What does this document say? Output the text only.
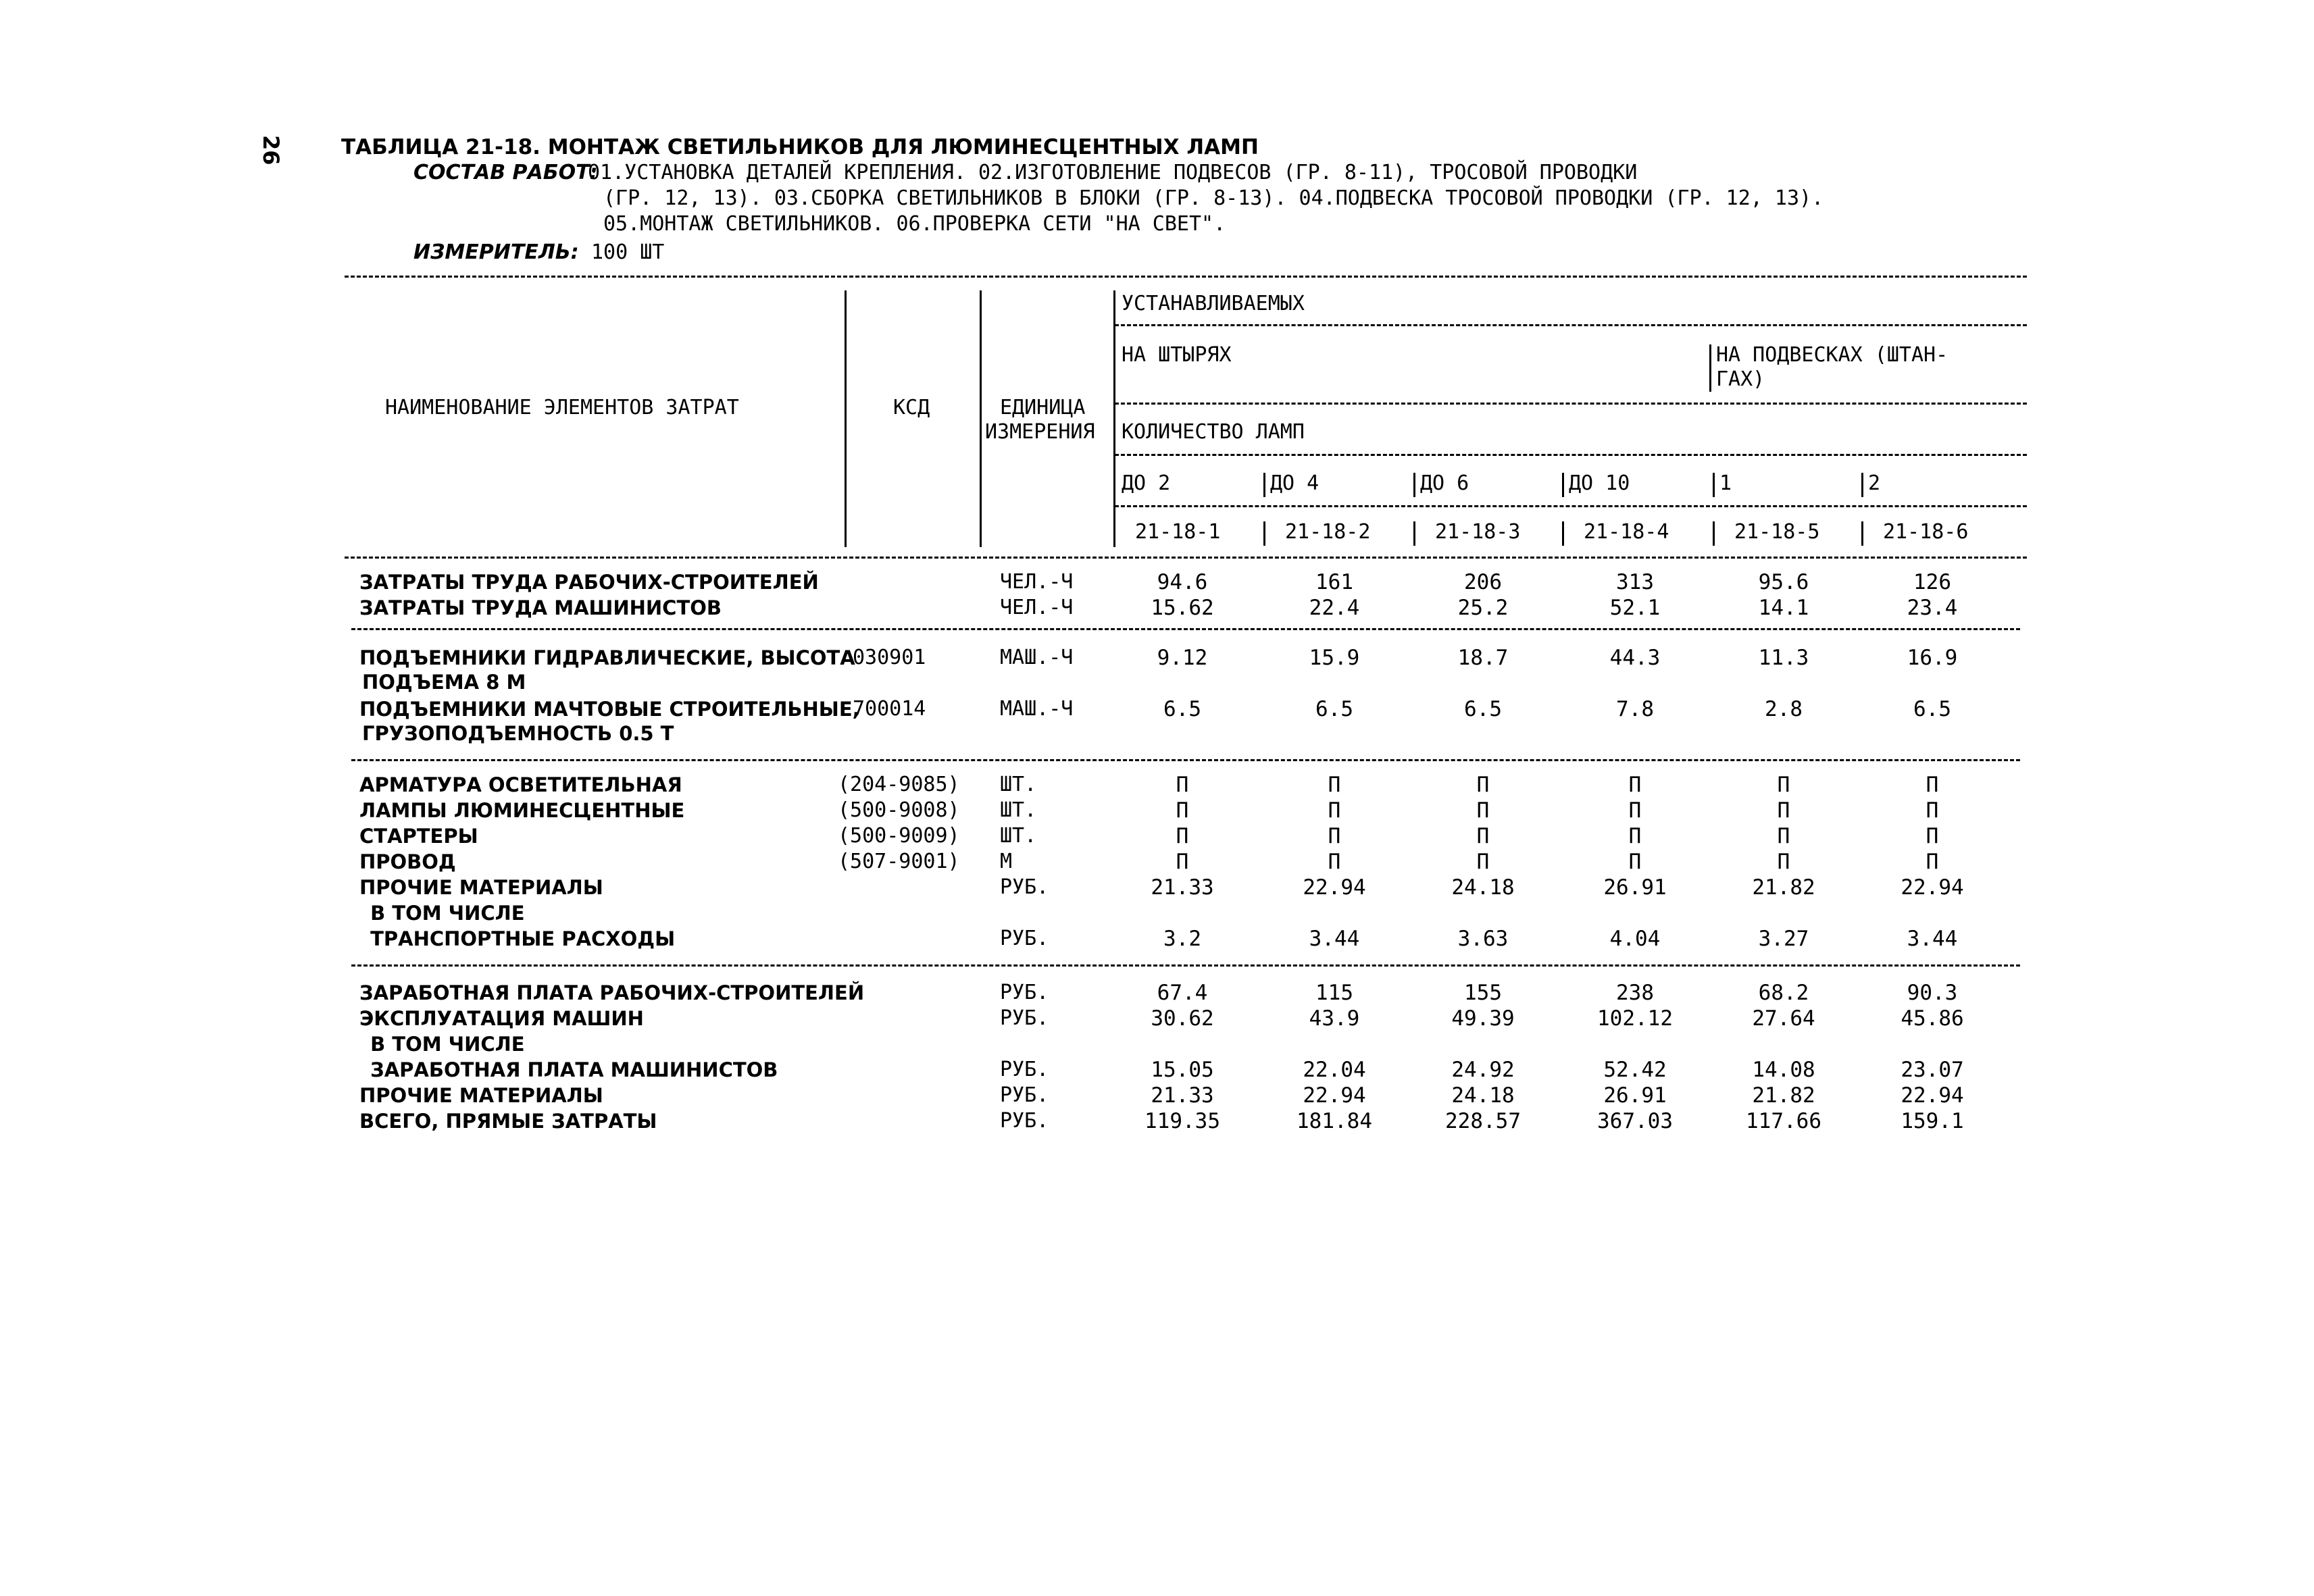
26	ТАБЛИЦА 21-18. МОНТАЖ СВЕТИЛЬНИКОВ ДЛЯ ЛЮМИНЕСЦЕНТНЫХ ЛАМП
СОСТАВ РАБОТ:
01.УСТАНОВКА ДЕТАЛЕЙ КРЕПЛЕНИЯ. 02.ИЗГОТОВЛЕНИЕ ПОДВЕСОВ (ГР. 8-11), ТРОСОВОЙ ПРОВОДКИ
(ГР. 12, 13). 03.СБОРКА СВЕТИЛЬНИКОВ В БЛОКИ (ГР. 8-13). 04.ПОДВЕСКА ТРОСОВОЙ ПРОВОДКИ (ГР. 12, 13).
05.МОНТАЖ СВЕТИЛЬНИКОВ. 06.ПРОВЕРКА СЕТИ "НА СВЕТ".
ИЗМЕРИТЕЛЬ: 100 ШТ
НАИМЕНОВАНИЕ ЭЛЕМЕНТОВ ЗАТРАТ	КСД	ЕДИНИЦА
ИЗМЕРЕНИЯ
УСТАНАВЛИВАЕМЫХ
НА ШТЫРЯХ	НА ПОДВЕСКАХ (ШТАН-
ГАХ)
КОЛИЧЕСТВО ЛАМП
ДО 2	ДО 4	ДО 6	ДО 10	1	2
21-18-1	21-18-2	21-18-3	21-18-4	21-18-5	21-18-6
ЗАТРАТЫ ТРУДА РАБОЧИХ-СТРОИТЕЛЕЙ	ЧЕЛ.-Ч	94.6	161	206	313	95.6	126
ЗАТРАТЫ ТРУДА МАШИНИСТОВ	ЧЕЛ.-Ч	15.62	22.4	25.2	52.1	14.1	23.4
ПОДЪЕМНИКИ ГИДРАВЛИЧЕСКИЕ, ВЫСОТА
ПОДЪЕМА 8 М
030901	МАШ.-Ч	9.12	15.9	18.7	44.3	11.3	16.9
ПОДЪЕМНИКИ МАЧТОВЫЕ СТРОИТЕЛЬНЫЕ,
ГРУЗОПОДЪЕМНОСТЬ 0.5 Т
700014	МАШ.-Ч	6.5	6.5	6.5	7.8	2.8	6.5
АРМАТУРА ОСВЕТИТЕЛЬНАЯ	(204-9085) ШТ.	П	П	П	П	П	П
ЛАМПЫ ЛЮМИНЕСЦЕНТНЫЕ	(500-9008) ШТ.	П	П	П	П	П	П
СТАРТЕРЫ	(500-9009) ШТ.	П	П	П	П	П	П
ПРОВОД	(507-9001) М	П	П	П	П	П	П
ПРОЧИЕ МАТЕРИАЛЫ	РУБ.	21.33	22.94	24.18	26.91	21.82	22.94
В ТОМ ЧИСЛЕ
ТРАНСПОРТНЫЕ РАСХОДЫ	РУБ.	3.2	3.44	3.63	4.04	3.27	3.44
ЗАРАБОТНАЯ ПЛАТА РАБОЧИХ-СТРОИТЕЛЕЙ	РУБ.	67.4	115	155	238	68.2	90.3
ЭКСПЛУАТАЦИЯ МАШИН	РУБ.	30.62	43.9	49.39	102.12	27.64	45.86
В ТОМ ЧИСЛЕ
ЗАРАБОТНАЯ ПЛАТА МАШИНИСТОВ	РУБ.	15.05	22.04	24.92	52.42	14.08	23.07
ПРОЧИЕ МАТЕРИАЛЫ	РУБ.	21.33	22.94	24.18	26.91	21.82	22.94
ВСЕГО, ПРЯМЫЕ ЗАТРАТЫ	РУБ.	119.35	181.84	228.57	367.03	117.66	159.1
